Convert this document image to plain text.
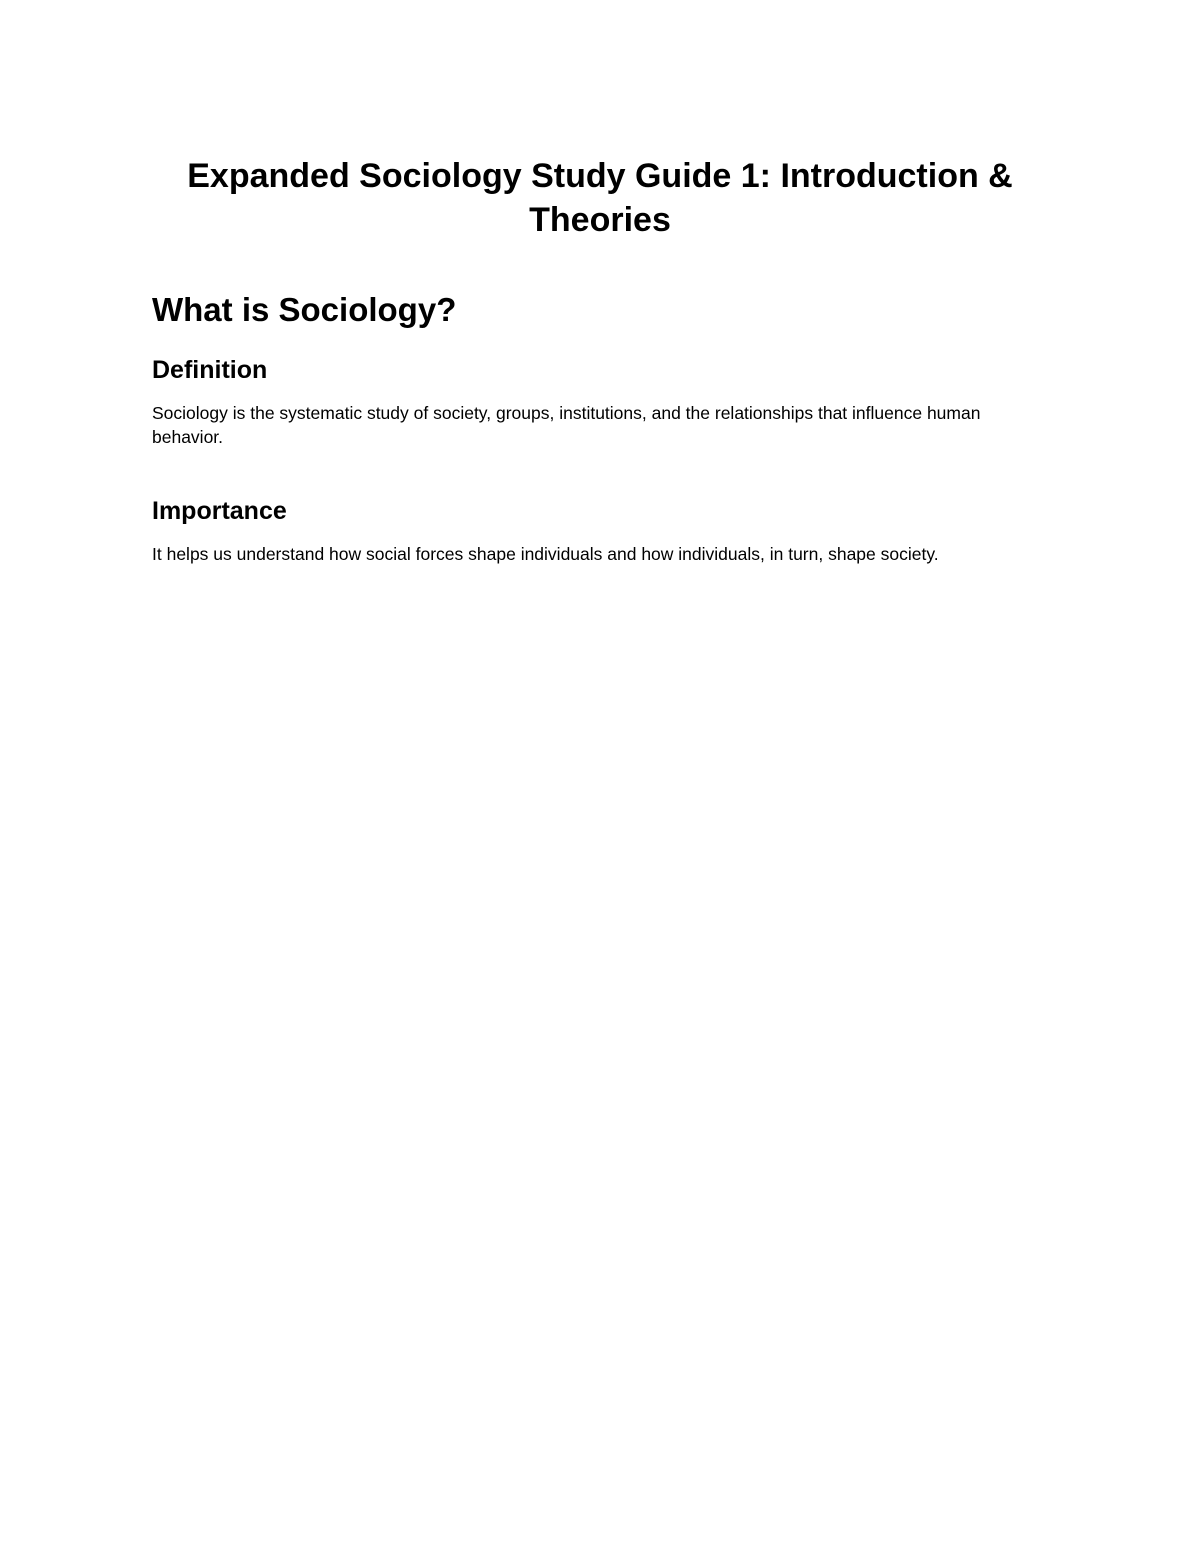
Expanded Sociology Study Guide 1: Introduction & Theories
What is Sociology?
Definition

Sociology is the systematic study of society, groups, institutions, and the relationships that influence human behavior.

Importance

It helps us understand how social forces shape individuals and how individuals, in turn, shape society.
